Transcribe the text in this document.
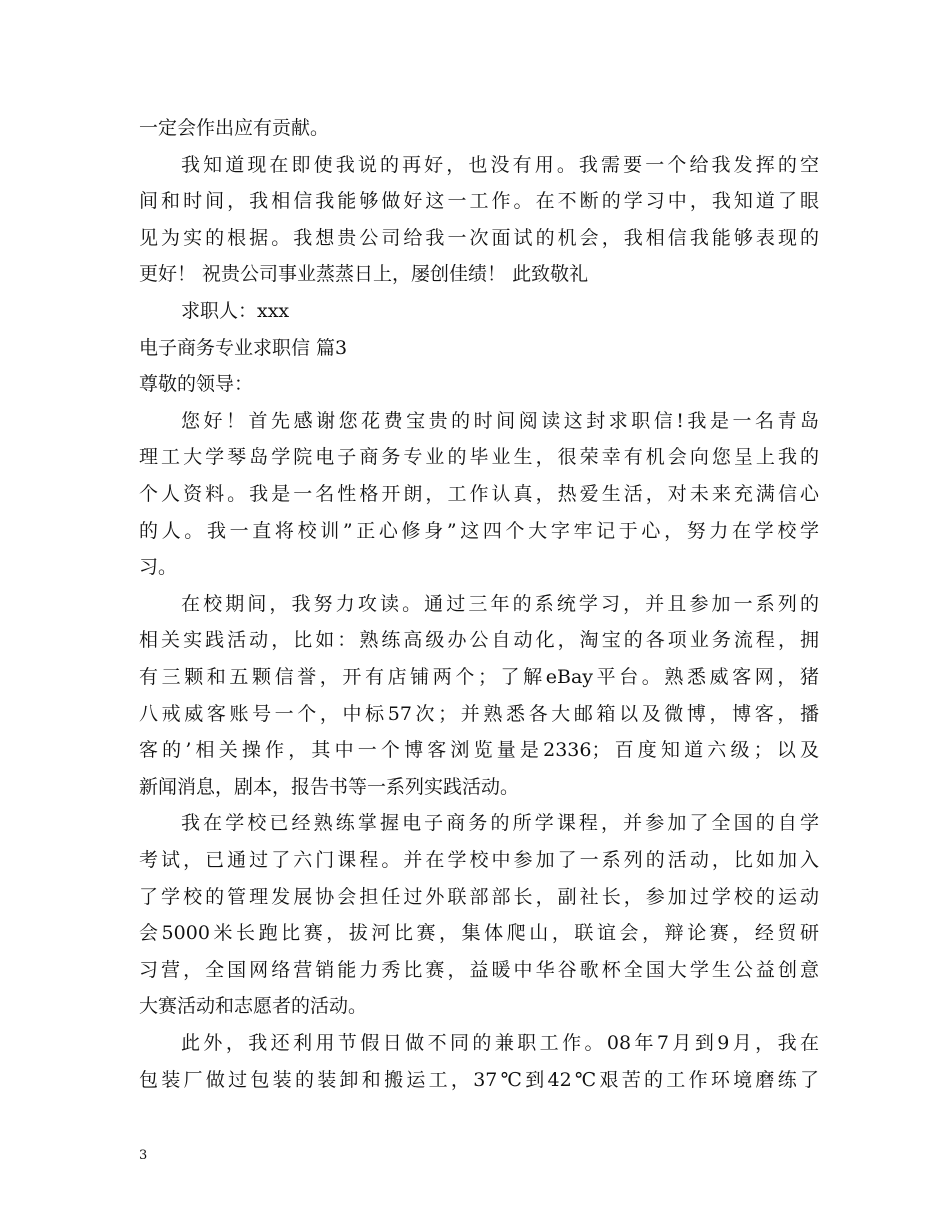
一定会作出应有贡献。
我知道现在即使我说的再好，也没有用。我需要一个给我发挥的空
间和时间，我相信我能够做好这一工作。在不断的学习中，我知道了眼
见为实的根据。我想贵公司给我一次面试的机会，我相信我能够表现的
更好！ 祝贵公司事业蒸蒸日上，屡创佳绩！ 此致敬礼
求职人：xxx
电子商务专业求职信 篇3
尊敬的领导：
您好！首先感谢您花费宝贵的时间阅读这封求职信!我是一名青岛
理工大学琴岛学院电子商务专业的毕业生，很荣幸有机会向您呈上我的
个人资料。我是一名性格开朗，工作认真，热爱生活，对未来充满信心
的人。我一直将校训”正心修身”这四个大字牢记于心，努力在学校学
习。
在校期间，我努力攻读。通过三年的系统学习，并且参加一系列的
相关实践活动，比如：熟练高级办公自动化，淘宝的各项业务流程，拥
有三颗和五颗信誉，开有店铺两个；了解eBay平台。熟悉威客网，猪
八戒威客账号一个，中标57次；并熟悉各大邮箱以及微博，博客，播
客的’相关操作，其中一个博客浏览量是2336；百度知道六级；以及
新闻消息，剧本，报告书等一系列实践活动。
我在学校已经熟练掌握电子商务的所学课程，并参加了全国的自学
考试，已通过了六门课程。并在学校中参加了一系列的活动，比如加入
了学校的管理发展协会担任过外联部部长，副社长，参加过学校的运动
会5000米长跑比赛，拔河比赛，集体爬山，联谊会，辩论赛，经贸研
习营，全国网络营销能力秀比赛，益暖中华谷歌杯全国大学生公益创意
大赛活动和志愿者的活动。
此外，我还利用节假日做不同的兼职工作。08年7月到9月，我在
包装厂做过包装的装卸和搬运工，37℃到42℃艰苦的工作环境磨练了
3
